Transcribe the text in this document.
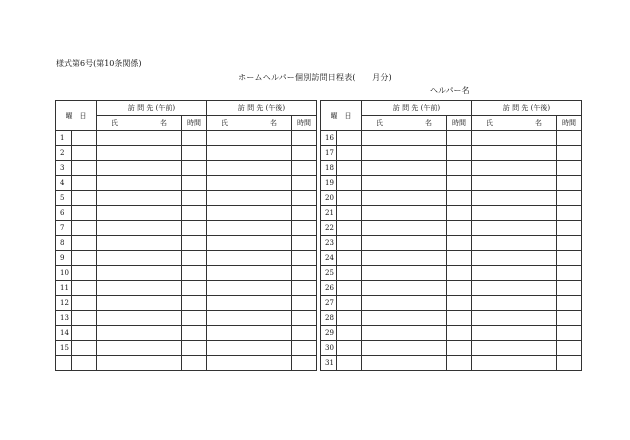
様式第6号(第10条関係)
ホームヘルパー個別訪問日程表(　　月分)
ヘルパー名
曜　日		訪 問 先 (午前)		訪 問 先 (午後)			曜　日		訪 問 先 (午前)		訪 問 先 (午後)	

		氏 名	時間	氏 名	時間				氏 名	時間	氏 名	時間
1							16					
2							17					
3							18					
4							19					
5							20					
6							21					
7							22					
8							23					
9							24					
10							25					
11							26					
12							27					
13							28					
14							29					
15							30					
							31					
